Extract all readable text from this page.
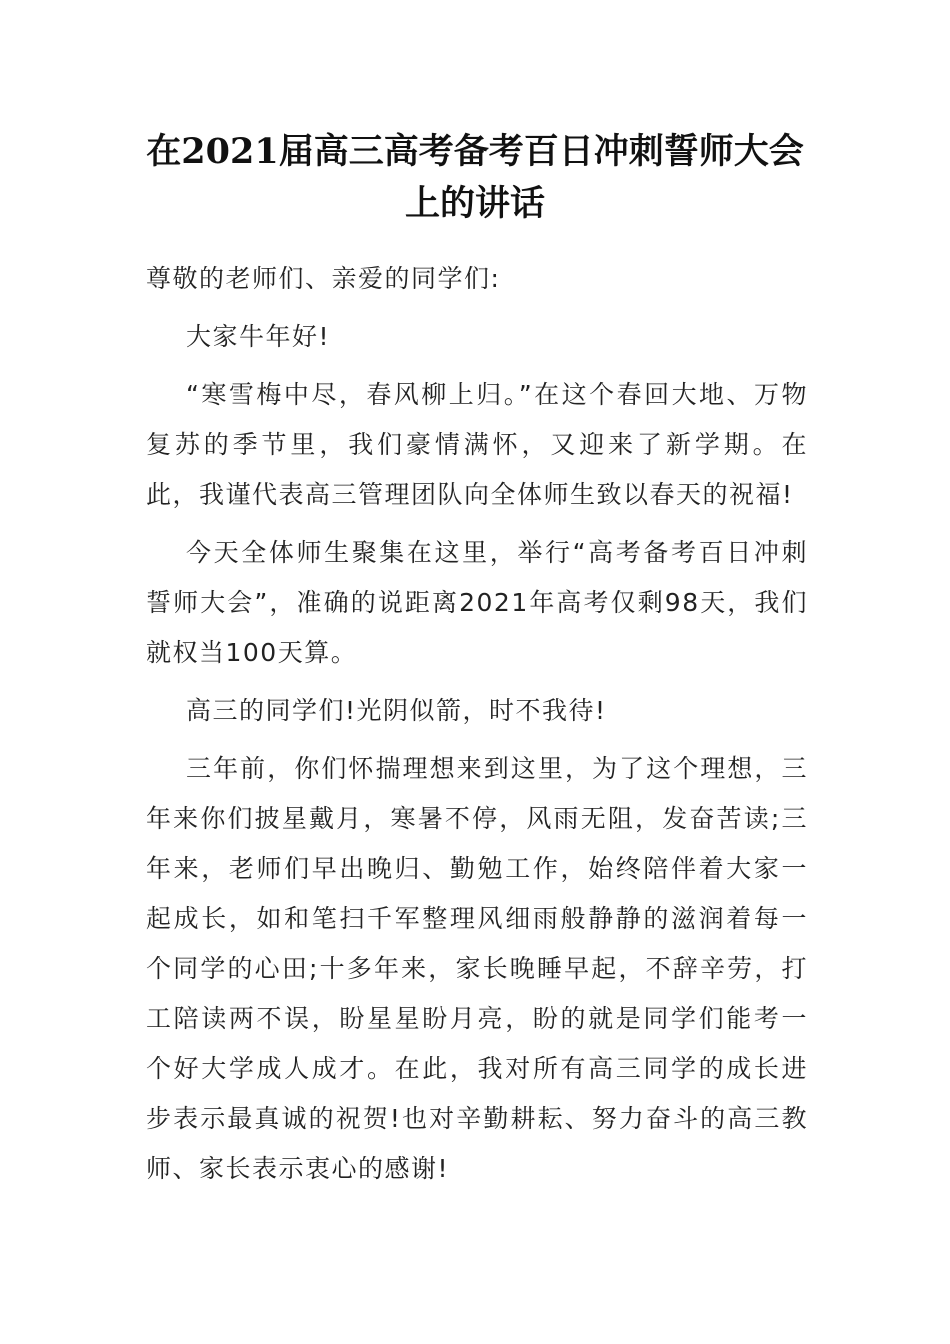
在2021届高三高考备考百日冲刺誓师大会上的讲话

尊敬的老师们、亲爱的同学们:

大家牛年好!

“寒雪梅中尽，春风柳上归。”在这个春回大地、万物复苏的季节里，我们豪情满怀，又迎来了新学期。在此，我谨代表高三管理团队向全体师生致以春天的祝福!

今天全体师生聚集在这里，举行“高考备考百日冲刺誓师大会”，准确的说距离2021年高考仅剩98天，我们就权当100天算。

高三的同学们!光阴似箭，时不我待!

三年前，你们怀揣理想来到这里，为了这个理想，三年来你们披星戴月，寒暑不停，风雨无阻，发奋苦读;三年来，老师们早出晚归、勤勉工作，始终陪伴着大家一起成长，如和笔扫千军整理风细雨般静静的滋润着每一个同学的心田;十多年来，家长晚睡早起，不辞辛劳，打工陪读两不误，盼星星盼月亮，盼的就是同学们能考一个好大学成人成才。在此，我对所有高三同学的成长进步表示最真诚的祝贺!也对辛勤耕耘、努力奋斗的高三教师、家长表示衷心的感谢!
